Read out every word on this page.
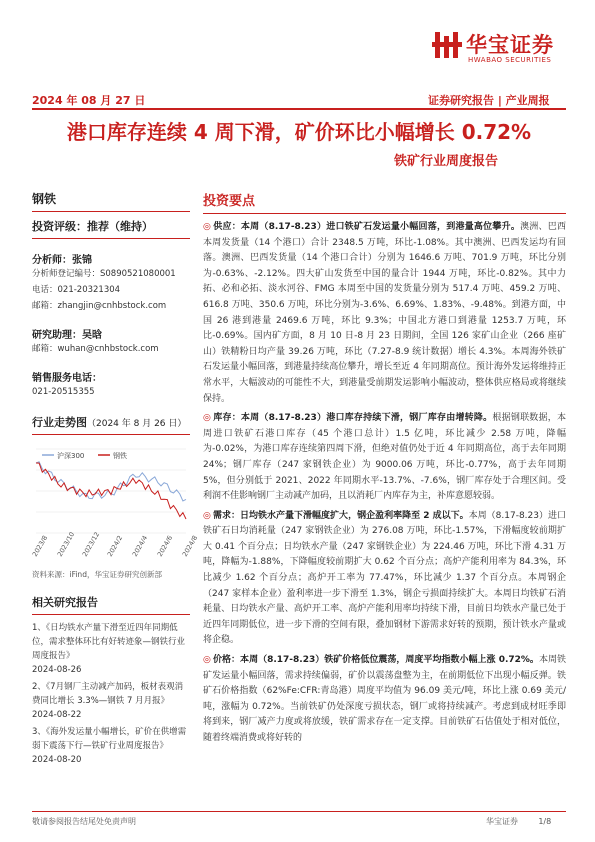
华宝证券
HWABAO SECURITIES
2024 年 08 月 27 日	证券研究报告 | 产业周报
港口库存连续 4 周下滑，矿价环比小幅增长 0.72%
铁矿行业周度报告
钢铁
投资评级：推荐（维持）
分析师：张锦
分析师登记编号：S0890521080001
电话：021-20321304
邮箱：zhangjin@cnhbstock.com
研究助理：吴晗
邮箱：wuhan@cnhbstock.com
销售服务电话：
021-20515355
行业走势图（2024 年 8 月 26 日）
沪深300	钢铁
2023/8 2023/10 2023/12 2024/2 2024/4 2024/6 2024/8
资料来源：iFind，华宝证券研究创新部
相关研究报告
1、《日均铁水产量下滑至近四年同期低位，需求整体环比有好转迹象—钢铁行业周度报告》
2024-08-26
2、《7月钢厂主动减产加码，板材表观消费同比增长 3.3%—钢铁 7 月月报》
2024-08-22
3、《海外发运量小幅增长，矿价在供增需弱下震荡下行—铁矿行业周度报告》
2024-08-20
投资要点
◎ 供应：本周（8.17-8.23）进口铁矿石发运量小幅回落，到港量高位攀升。澳洲、巴西本周发货量（14 个港口）合计 2348.5 万吨，环比-1.08%。其中澳洲、巴西发运均有回落。澳洲、巴西发货量（14 个港口合计）分别为 1646.6 万吨、701.9 万吨，环比分别为-0.63%、-2.12%。四大矿山发货至中国的量合计 1944 万吨，环比-0.82%。其中力拓、必和必拓、淡水河谷、FMG 本周至中国的发货量分别为 517.4 万吨、459.2 万吨、616.8 万吨、350.6 万吨，环比分别为-3.6%、6.69%、1.83%、-9.48%。到港方面，中国 26 港到港量 2469.6 万吨，环比 9.3%；中国北方港口到港量 1253.7 万吨，环比-0.69%。国内矿方面，8 月 10 日-8 月 23 日期间，全国 126 家矿山企业（266 座矿山）铁精粉日均产量 39.26 万吨，环比（7.27-8.9 统计数据）增长 4.3%。本周海外铁矿石发运量小幅回落，到港量持续高位攀升，增长至近 4 年同期高位。预计海外发运将维持正常水平，大幅波动的可能性不大，到港量受前期发运影响小幅波动，整体供应格局或将继续保持。
◎ 库存：本周（8.17-8.23）港口库存持续下滑，钢厂库存由增转降。根据钢联数据，本周进口铁矿石港口库存（45 个港口总计）1.5 亿吨，环比减少 2.58 万吨，降幅为-0.02%，为港口库存连续第四周下滑，但绝对值仍处于近 4 年同期高位，高于去年同期 24%；钢厂库存（247 家钢铁企业）为 9000.06 万吨，环比-0.77%，高于去年同期 5%，但分别低于 2021、2022 年同期水平-13.7%、-7.6%，钢厂库存处于合理区间。受利润不佳影响钢厂主动减产加码，且以消耗厂内库存为主，补库意愿较弱。
◎ 需求：日均铁水产量下滑幅度扩大，钢企盈利率降至 2 成以下。本周（8.17-8.23）进口铁矿石日均消耗量（247 家钢铁企业）为 276.08 万吨，环比-1.57%，下滑幅度较前期扩大 0.41 个百分点；日均铁水产量（247 家钢铁企业）为 224.46 万吨，环比下滑 4.31 万吨，降幅为-1.88%，下降幅度较前期扩大 0.62 个百分点；高炉产能利用率为 84.3%，环比减少 1.62 个百分点；高炉开工率为 77.47%，环比减少 1.37 个百分点。本周钢企（247 家样本企业）盈利率进一步下滑至 1.3%，钢企亏损面持续扩大。本周日均铁矿石消耗量、日均铁水产量、高炉开工率、高炉产能利用率均持续下滑，目前日均铁水产量已处于近四年同期低位，进一步下滑的空间有限，叠加钢材下游需求好转的预期，预计铁水产量或将企稳。
◎ 价格：本周（8.17-8.23）铁矿价格低位震荡，周度平均指数小幅上涨 0.72%。本周铁矿发运量小幅回落，需求持续偏弱，矿价以震荡盘整为主，在前期低位下出现小幅反弹。铁矿石价格指数（62%Fe:CFR:青岛港）周度平均值为 96.09 美元/吨，环比上涨 0.69 美元/吨，涨幅为 0.72%。当前铁矿仍处深度亏损状态，钢厂或将持续减产。考虑到成材旺季即将到来，钢厂减产力度或将放缓，铁矿需求存在一定支撑。目前铁矿石估值处于相对低位，随着终端消费或将好转的
敬请参阅报告结尾处免责声明	华宝证券	1/8
